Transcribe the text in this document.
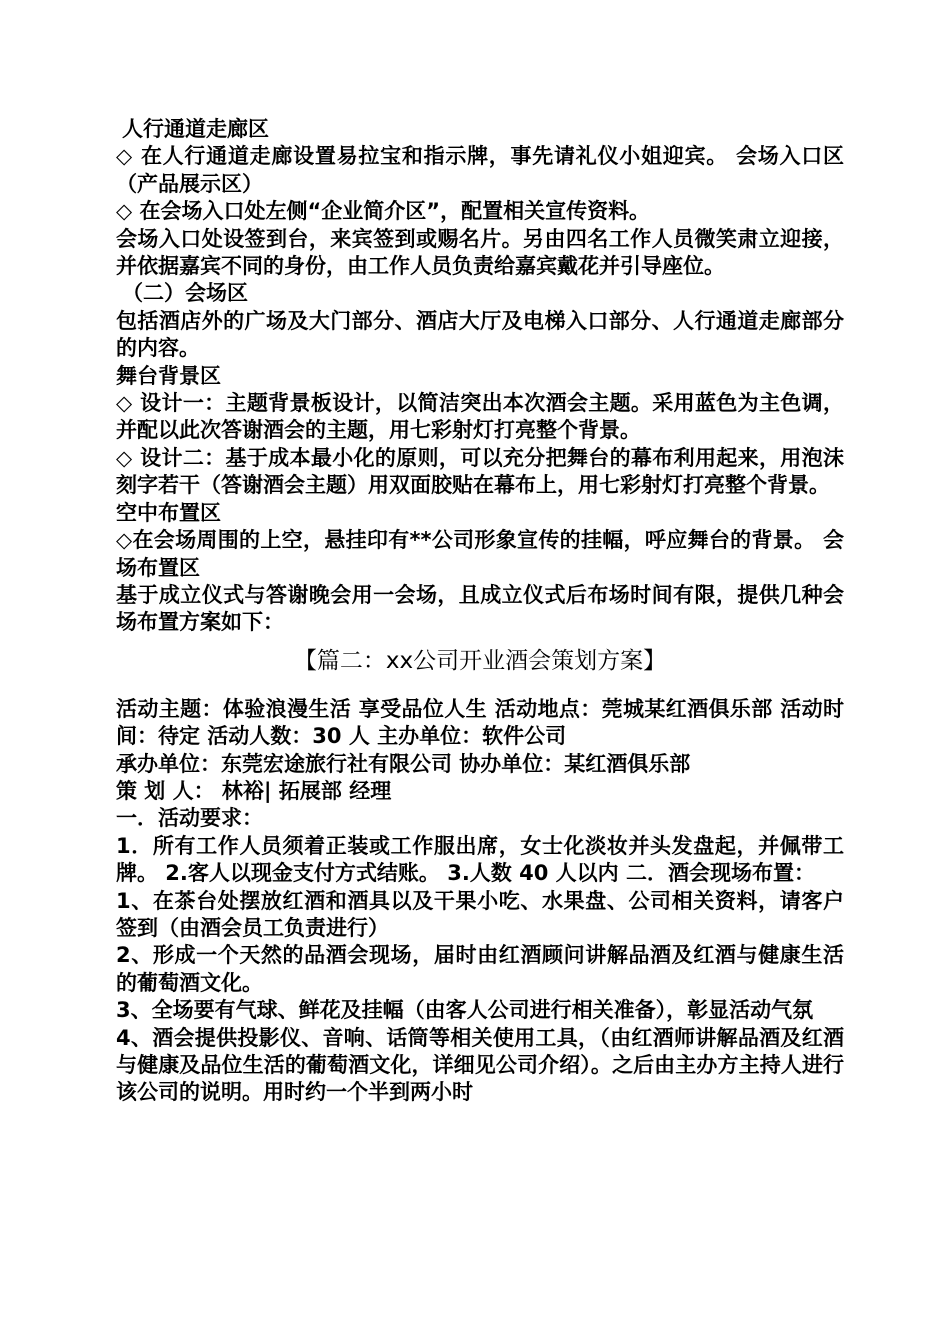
人行通道走廊区

◇ 在人行通道走廊设置易拉宝和指示牌，事先请礼仪小姐迎宾。 会场入口区（产品展示区）

◇ 在会场入口处左侧“企业简介区”，配置相关宣传资料。

会场入口处设签到台，来宾签到或赐名片。另由四名工作人员微笑肃立迎接，并依据嘉宾不同的身份，由工作人员负责给嘉宾戴花并引导座位。

（二）会场区

包括酒店外的广场及大门部分、酒店大厅及电梯入口部分、人行通道走廊部分的内容。

舞台背景区

◇ 设计一：主题背景板设计，以简洁突出本次酒会主题。采用蓝色为主色调，并配以此次答谢酒会的主题，用七彩射灯打亮整个背景。

◇ 设计二：基于成本最小化的原则，可以充分把舞台的幕布利用起来，用泡沫刻字若干（答谢酒会主题）用双面胶贴在幕布上，用七彩射灯打亮整个背景。

空中布置区

◇在会场周围的上空，悬挂印有**公司形象宣传的挂幅，呼应舞台的背景。 会场布置区

基于成立仪式与答谢晚会用一会场，且成立仪式后布场时间有限，提供几种会场布置方案如下：

【篇二：xx公司开业酒会策划方案】

活动主题：体验浪漫生活 享受品位人生 活动地点：莞城某红酒俱乐部 活动时间：待定 活动人数：30 人 主办单位：软件公司

承办单位：东莞宏途旅行社有限公司 协办单位：某红酒俱乐部

策 划 人： 林裕| 拓展部 经理

一．活动要求：

1．所有工作人员须着正装或工作服出席，女士化淡妆并头发盘起，并佩带工牌。 2.客人以现金支付方式结账。 3.人数 40 人以内 二．酒会现场布置：

1、在茶台处摆放红酒和酒具以及干果小吃、水果盘、公司相关资料，请客户签到（由酒会员工负责进行）

2、形成一个天然的品酒会现场，届时由红酒顾问讲解品酒及红酒与健康生活的葡萄酒文化。

3、全场要有气球、鲜花及挂幅（由客人公司进行相关准备），彰显活动气氛

4、酒会提供投影仪、音响、话筒等相关使用工具，（由红酒师讲解品酒及红酒与健康及品位生活的葡萄酒文化，详细见公司介绍）。之后由主办方主持人进行该公司的说明。用时约一个半到两小时
